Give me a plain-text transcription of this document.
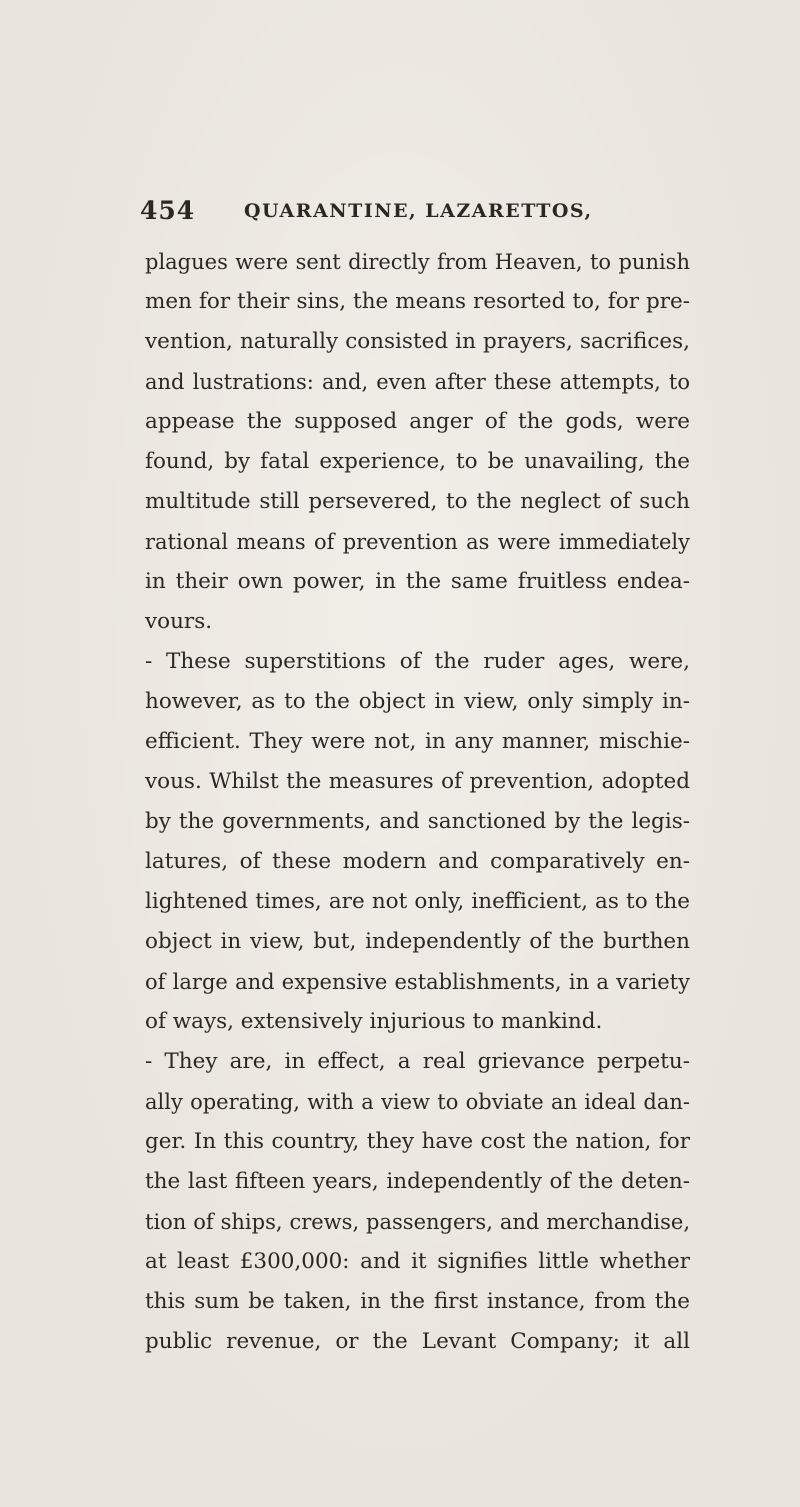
454	QUARANTINE, LAZARETTOS,
plagues were sent directly from Heaven, to punish
men for their sins, the means resorted to, for pre-
vention, naturally consisted in prayers, sacrifices,
and lustrations: and, even after these attempts, to
appease the supposed anger of the gods, were
found, by fatal experience, to be unavailing, the
multitude still persevered, to the neglect of such
rational means of prevention as were immediately
in their own power, in the same fruitless endea-
vours.
- These superstitions of the ruder ages, were,
however, as to the object in view, only simply in-
efficient. They were not, in any manner, mischie-
vous. Whilst the measures of prevention, adopted
by the governments, and sanctioned by the legis-
latures, of these modern and comparatively en-
lightened times, are not only, inefficient, as to the
object in view, but, independently of the burthen
of large and expensive establishments, in a variety
of ways, extensively injurious to mankind.
- They are, in effect, a real grievance perpetu-
ally operating, with a view to obviate an ideal dan-
ger. In this country, they have cost the nation, for
the last fifteen years, independently of the deten-
tion of ships, crews, passengers, and merchandise,
at least £300,000: and it signifies little whether
this sum be taken, in the first instance, from the
public revenue, or the Levant Company; it all
